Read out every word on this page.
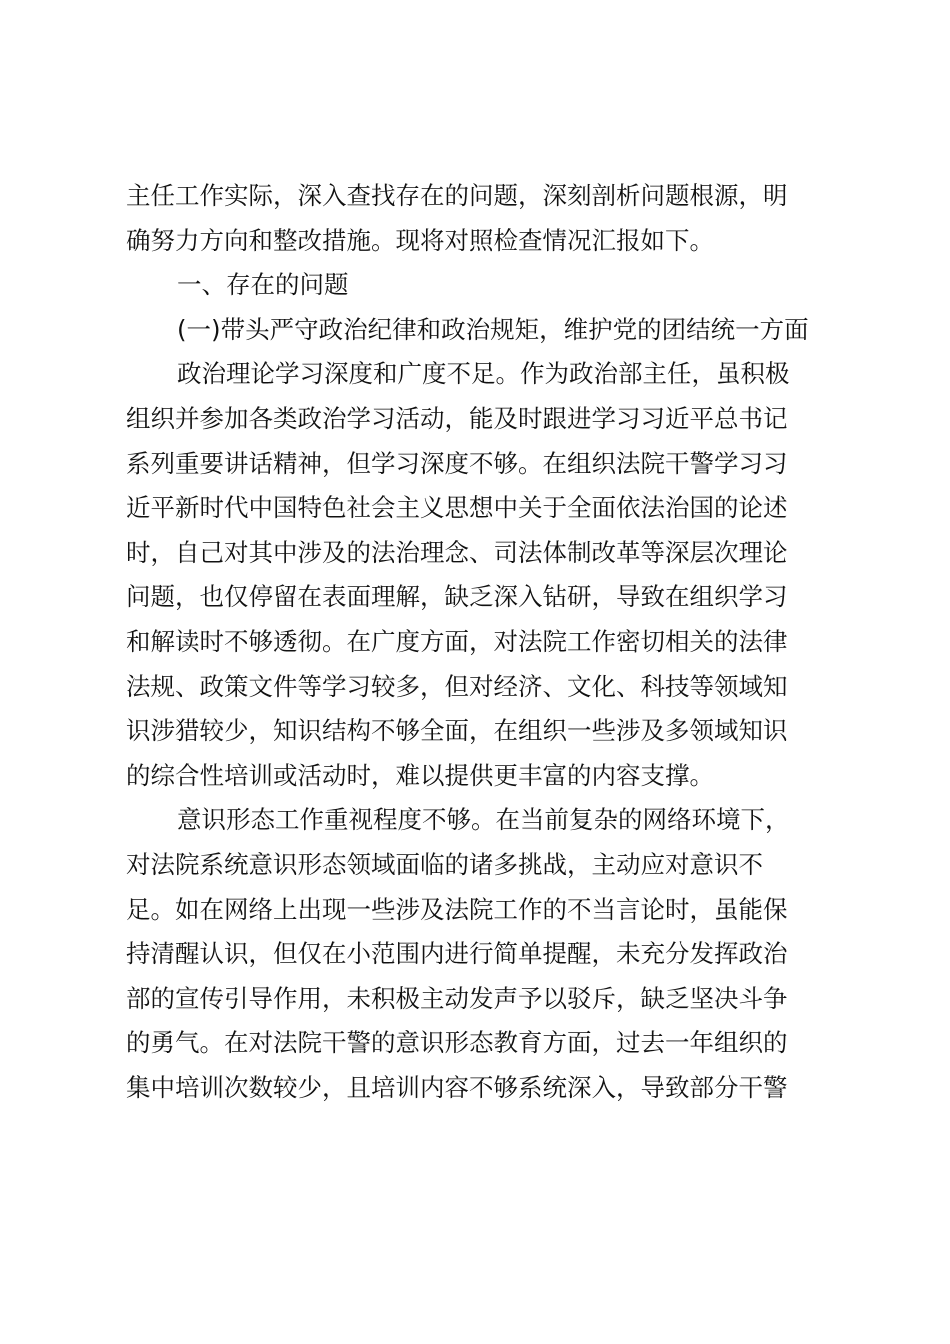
主任工作实际，深入查找存在的问题，深刻剖析问题根源，明
确努力方向和整改措施。现将对照检查情况汇报如下。
一、存在的问题
(一)带头严守政治纪律和政治规矩，维护党的团结统一方面
政治理论学习深度和广度不足。作为政治部主任，虽积极
组织并参加各类政治学习活动，能及时跟进学习习近平总书记
系列重要讲话精神，但学习深度不够。在组织法院干警学习习
近平新时代中国特色社会主义思想中关于全面依法治国的论述
时，自己对其中涉及的法治理念、司法体制改革等深层次理论
问题，也仅停留在表面理解，缺乏深入钻研，导致在组织学习
和解读时不够透彻。在广度方面，对法院工作密切相关的法律
法规、政策文件等学习较多，但对经济、文化、科技等领域知
识涉猎较少，知识结构不够全面，在组织一些涉及多领域知识
的综合性培训或活动时，难以提供更丰富的内容支撑。
意识形态工作重视程度不够。在当前复杂的网络环境下，
对法院系统意识形态领域面临的诸多挑战，主动应对意识不
足。如在网络上出现一些涉及法院工作的不当言论时，虽能保
持清醒认识，但仅在小范围内进行简单提醒，未充分发挥政治
部的宣传引导作用，未积极主动发声予以驳斥，缺乏坚决斗争
的勇气。在对法院干警的意识形态教育方面，过去一年组织的
集中培训次数较少，且培训内容不够系统深入，导致部分干警
